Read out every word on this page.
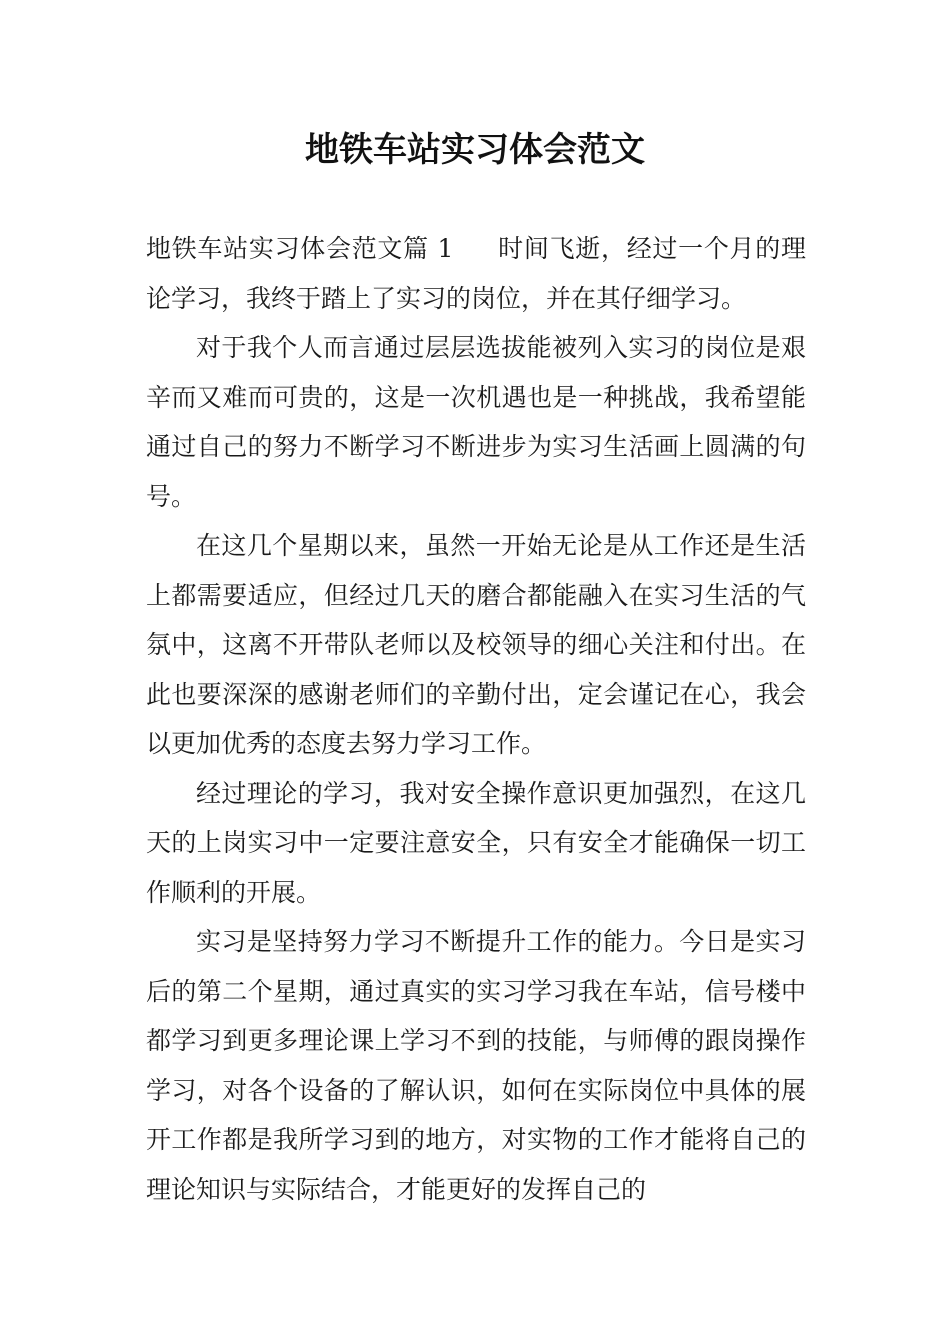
地铁车站实习体会范文

地铁车站实习体会范文篇 1 时间飞逝，经过一个月的理论学习，我终于踏上了实习的岗位，并在其仔细学习。

对于我个人而言通过层层选拔能被列入实习的岗位是艰辛而又难而可贵的，这是一次机遇也是一种挑战，我希望能通过自己的努力不断学习不断进步为实习生活画上圆满的句号。

在这几个星期以来，虽然一开始无论是从工作还是生活上都需要适应，但经过几天的磨合都能融入在实习生活的气氛中，这离不开带队老师以及校领导的细心关注和付出。在此也要深深的感谢老师们的辛勤付出，定会谨记在心，我会以更加优秀的态度去努力学习工作。

经过理论的学习，我对安全操作意识更加强烈，在这几天的上岗实习中一定要注意安全，只有安全才能确保一切工作顺利的开展。

实习是坚持努力学习不断提升工作的能力。今日是实习后的第二个星期，通过真实的实习学习我在车站，信号楼中都学习到更多理论课上学习不到的技能，与师傅的跟岗操作学习，对各个设备的了解认识，如何在实际岗位中具体的展开工作都是我所学习到的地方，对实物的工作才能将自己的理论知识与实际结合，才能更好的发挥自己的
